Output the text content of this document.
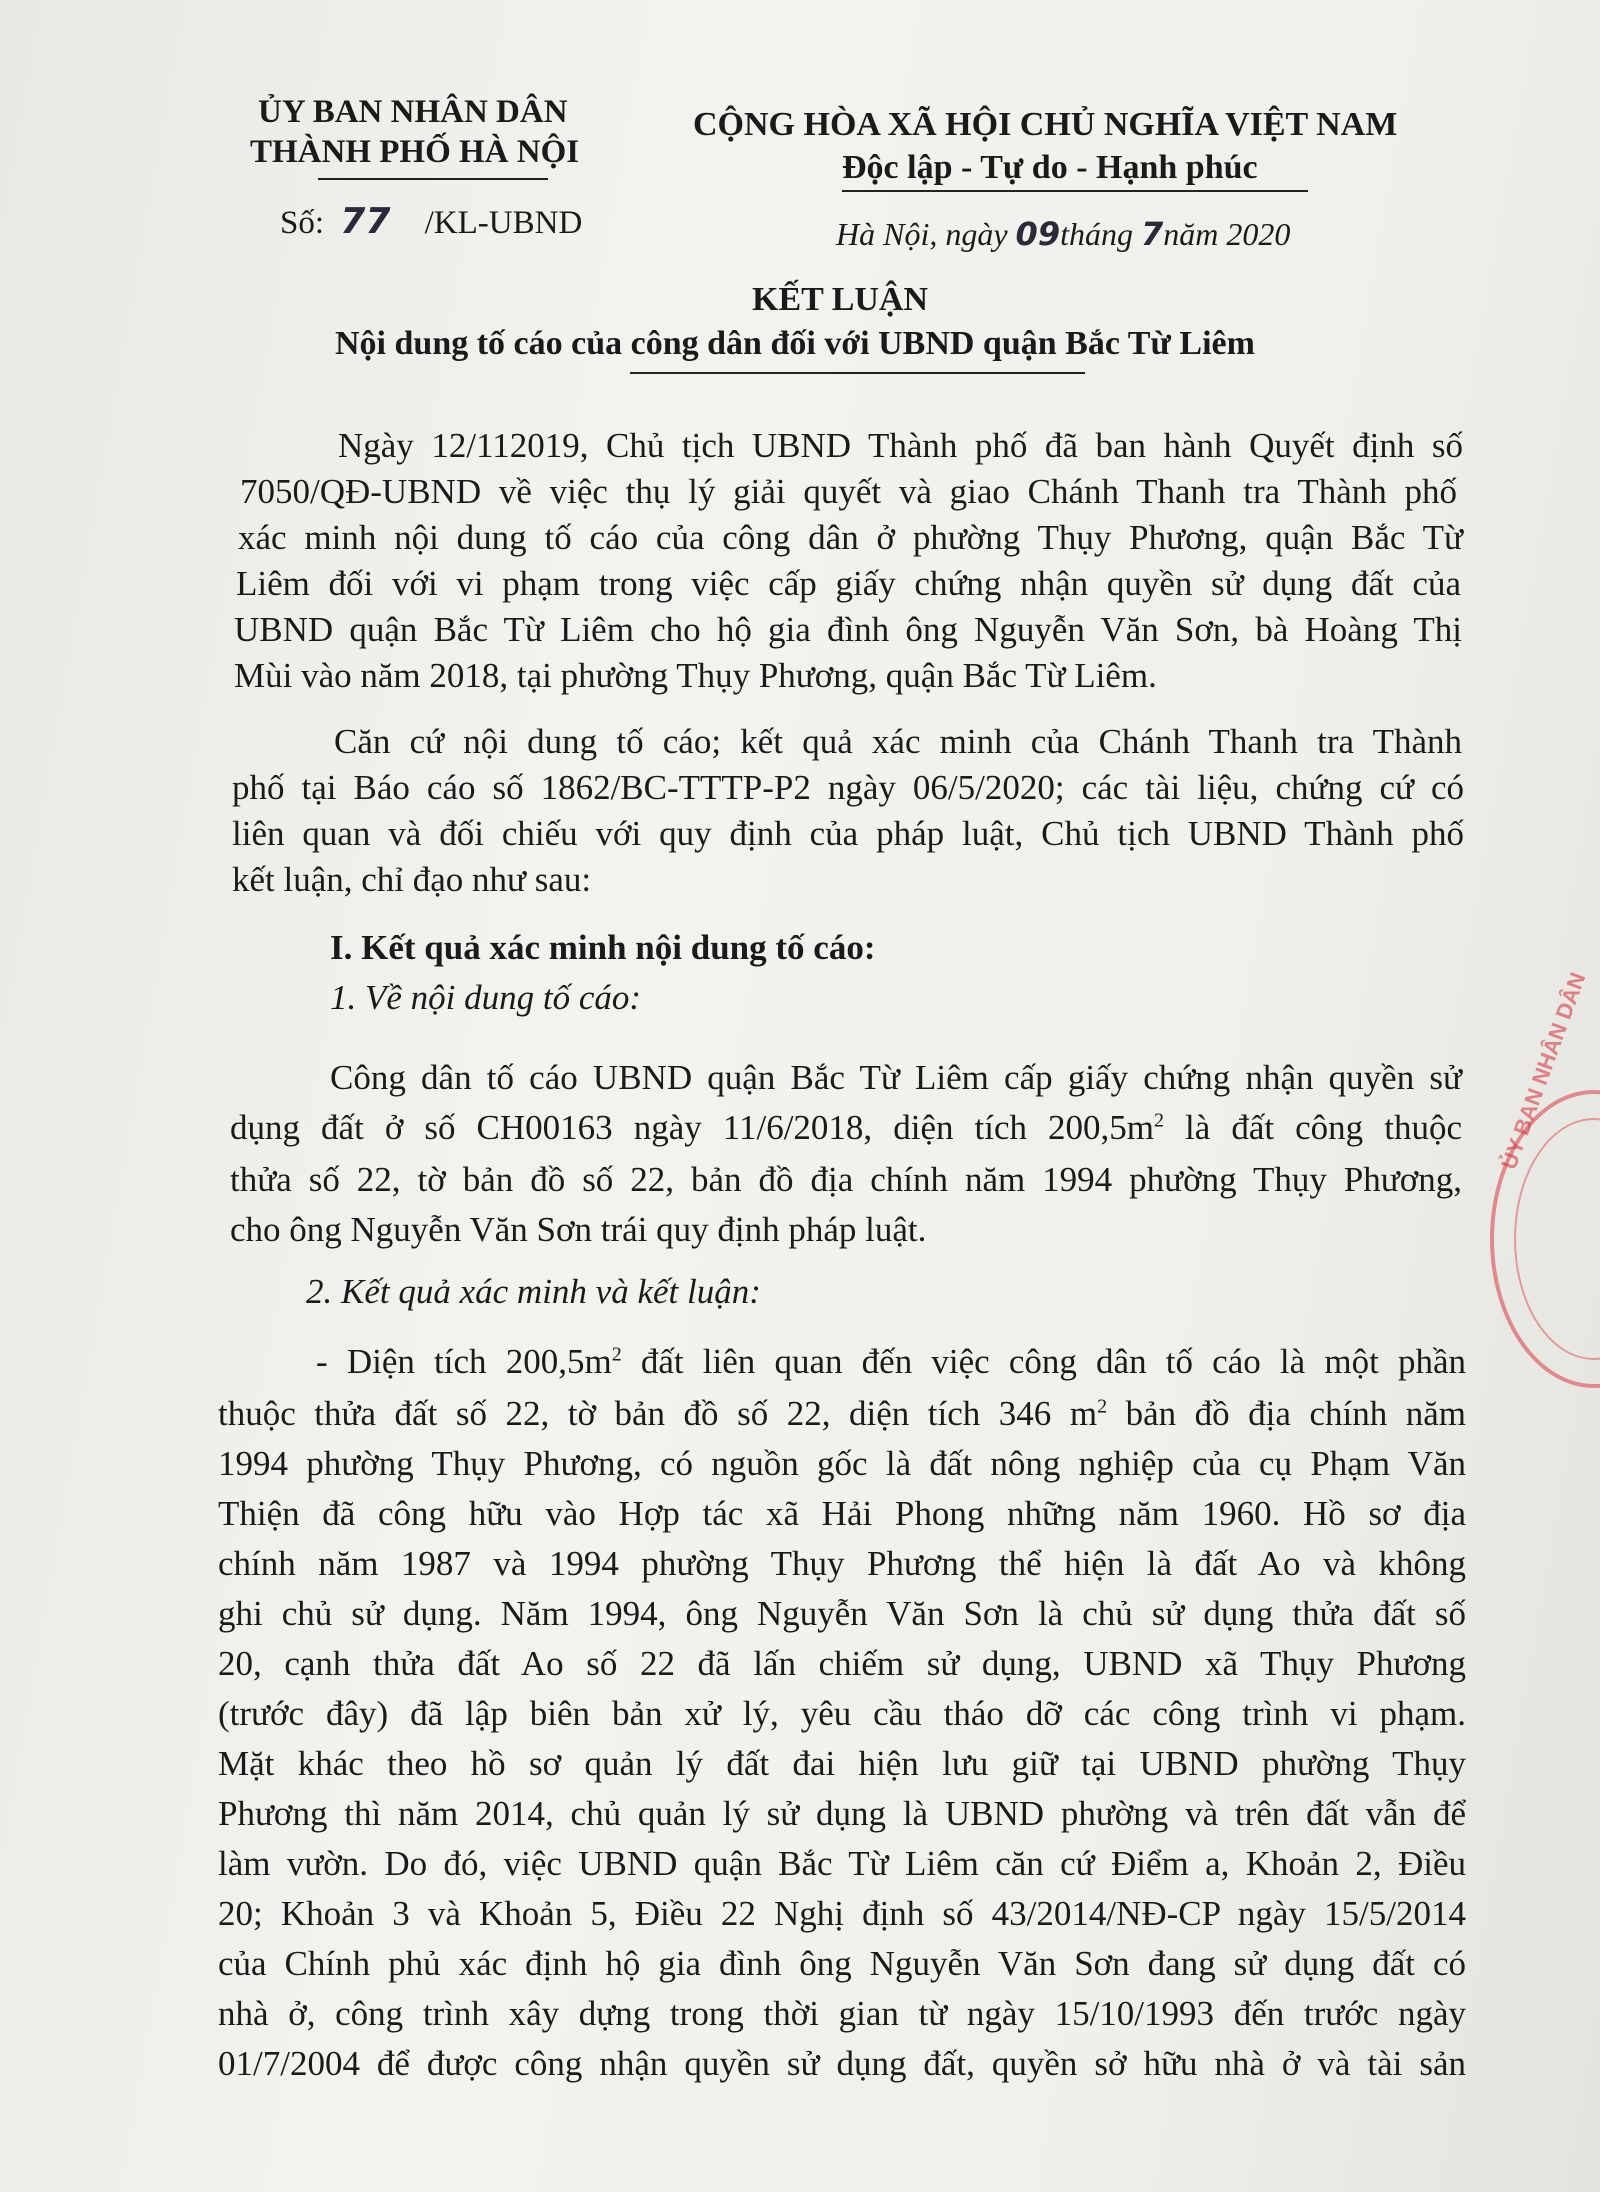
ỦY BAN NHÂN DÂN
THÀNH PHỐ HÀ NỘI
Số: 77 /KL-UBND
CỘNG HÒA XÃ HỘI CHỦ NGHĨA VIỆT NAM
Độc lập - Tự do - Hạnh phúc
Hà Nội, ngày 09tháng 7năm 2020
KẾT LUẬN
Nội dung tố cáo của công dân đối với UBND quận Bắc Từ Liêm
Ngày 12/112019, Chủ tịch UBND Thành phố đã ban hành Quyết định số
7050/QĐ-UBND về việc thụ lý giải quyết và giao Chánh Thanh tra Thành phố
xác minh nội dung tố cáo của công dân ở phường Thụy Phương, quận Bắc Từ
Liêm đối với vi phạm trong việc cấp giấy chứng nhận quyền sử dụng đất của
UBND quận Bắc Từ Liêm cho hộ gia đình ông Nguyễn Văn Sơn, bà Hoàng Thị
Mùi vào năm 2018, tại phường Thụy Phương, quận Bắc Từ Liêm.
Căn cứ nội dung tố cáo; kết quả xác minh của Chánh Thanh tra Thành
phố tại Báo cáo số 1862/BC-TTTP-P2 ngày 06/5/2020; các tài liệu, chứng cứ có
liên quan và đối chiếu với quy định của pháp luật, Chủ tịch UBND Thành phố
kết luận, chỉ đạo như sau:
I. Kết quả xác minh nội dung tố cáo:
1. Về nội dung tố cáo:
Công dân tố cáo UBND quận Bắc Từ Liêm cấp giấy chứng nhận quyền sử
dụng đất ở số CH00163 ngày 11/6/2018, diện tích $200,5m^2$ là đất công thuộc
thửa số 22, tờ bản đồ số 22, bản đồ địa chính năm 1994 phường Thụy Phương,
cho ông Nguyễn Văn Sơn trái quy định pháp luật.
2. Kết quả xác minh và kết luận:
- Diện tích $200,5m^2$ đất liên quan đến việc công dân tố cáo là một phần
thuộc thửa đất số 22, tờ bản đồ số 22, diện tích 346 $m^2$ bản đồ địa chính năm
1994 phường Thụy Phương, có nguồn gốc là đất nông nghiệp của cụ Phạm Văn
Thiện đã công hữu vào Hợp tác xã Hải Phong những năm 1960. Hồ sơ địa
chính năm 1987 và 1994 phường Thụy Phương thể hiện là đất Ao và không
ghi chủ sử dụng. Năm 1994, ông Nguyễn Văn Sơn là chủ sử dụng thửa đất số
20, cạnh thửa đất Ao số 22 đã lấn chiếm sử dụng, UBND xã Thụy Phương
(trước đây) đã lập biên bản xử lý, yêu cầu tháo dỡ các công trình vi phạm.
Mặt khác theo hồ sơ quản lý đất đai hiện lưu giữ tại UBND phường Thụy
Phương thì năm 2014, chủ quản lý sử dụng là UBND phường và trên đất vẫn để
làm vườn. Do đó, việc UBND quận Bắc Từ Liêm căn cứ Điểm a, Khoản 2, Điều
20; Khoản 3 và Khoản 5, Điều 22 Nghị định số 43/2014/NĐ-CP ngày 15/5/2014
của Chính phủ xác định hộ gia đình ông Nguyễn Văn Sơn đang sử dụng đất có
nhà ở, công trình xây dựng trong thời gian từ ngày 15/10/1993 đến trước ngày
01/7/2004 để được công nhận quyền sử dụng đất, quyền sở hữu nhà ở và tài sản
ỦY BAN NHÂN DÂN
